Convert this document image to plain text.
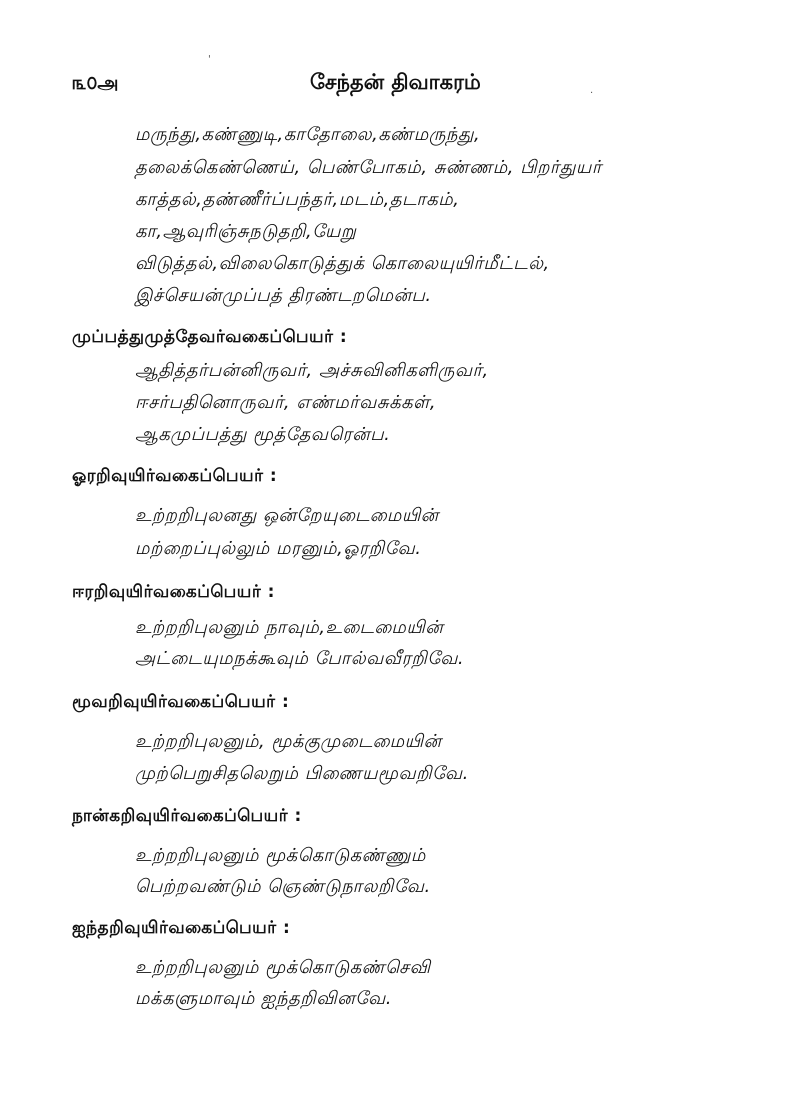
'
·
௩௦அ	சேந்தன் திவாகரம்
மருந்து,கண்ணுடி,காதோலை,கண்மருந்து,
தலைக்கெண்ணெய், பெண்போகம், சுண்ணம், பிறர்துயர்
காத்தல்,தண்ணீர்ப்பந்தர்,மடம்,தடாகம்,
கா,ஆவுரிஞ்சுநடுதறி,யேறு
விடுத்தல்,விலைகொடுத்துக் கொலையுயிர்மீட்டல்,
இச்செயன்முப்பத் திரண்டறமென்ப.
முப்பத்துமுத்தேவர்வகைப்பெயர் :
ஆதித்தர்பன்னிருவர், அச்சுவினிகளிருவர்,
ஈசர்பதினொருவர், எண்மர்வசுக்கள்,
ஆகமுப்பத்து மூத்தேவரென்ப.
ஓரறிவுயிர்வகைப்பெயர் :
உற்றறிபுலனது ஒன்றேயுடைமையின்
மற்றைப்புல்லும் மரனும்,ஓரறிவே.
ஈரறிவுயிர்வகைப்பெயர் :
உற்றறிபுலனும் நாவும்,உடைமையின்
அட்டையுமநக்கூவும் போல்வவீரறிவே.
மூவறிவுயிர்வகைப்பெயர் :
உற்றறிபுலனும், மூக்குமுடைமையின்
முற்பெறுசிதலெறும் பிணையமூவறிவே.
நான்கறிவுயிர்வகைப்பெயர் :
உற்றறிபுலனும் மூக்கொடுகண்ணும்
பெற்றவண்டும் ஞெண்டுநாலறிவே.
ஐந்தறிவுயிர்வகைப்பெயர் :
உற்றறிபுலனும் மூக்கொடுகண்செவி
மக்களுமாவும் ஐந்தறிவினவே.
